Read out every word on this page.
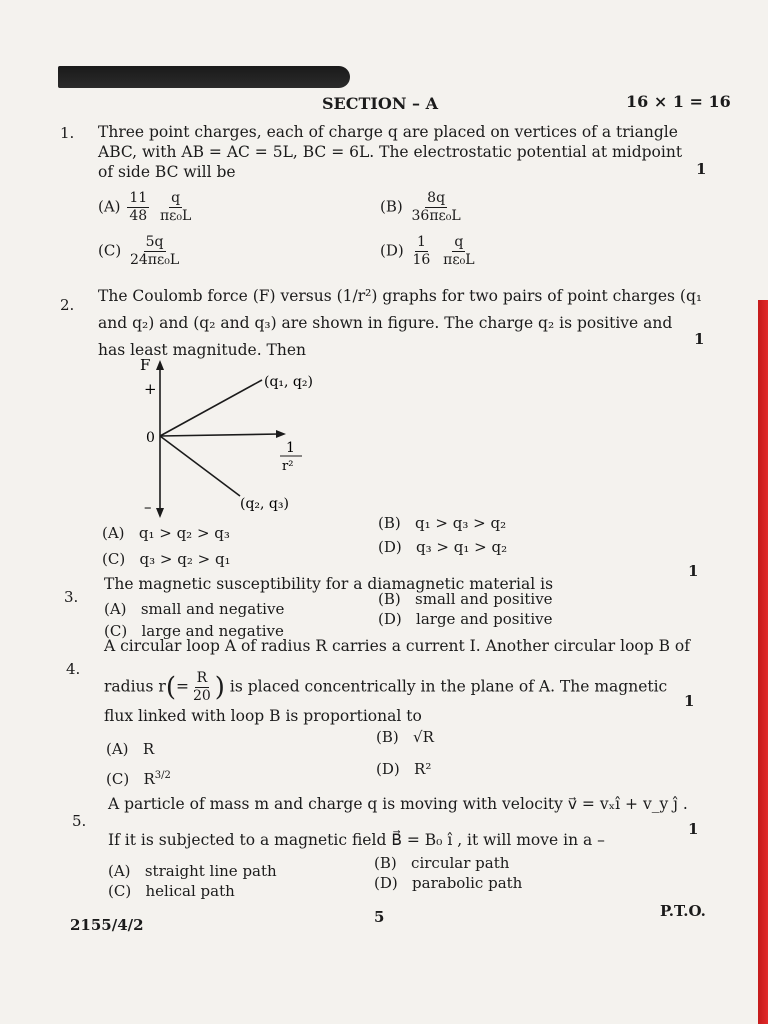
SECTION – A	16 × 1 = 16
1. Three point charges, each of charge q are placed on vertices of a triangle
ABC, with AB = AC = 5L, BC = 6L. The electrostatic potential at midpoint
of side BC will be	1
$(A) \frac{11}{48}$
$\frac{q}{\text{πε₀L}}$	$(B) \frac{8q}{\text{36πε₀L}}$
$(C) \frac{5q}{\text{24πε₀L}}$	$(D) \frac{1}{16}$
$\frac{q}{\text{πε₀L}}$
2. The Coulomb force (F) versus (1/r²) graphs for two pairs of point charges (q₁
and q₂) and (q₂ and q₃) are shown in figure. The charge q₂ is positive and
has least magnitude. Then
1
F
+
0
–
(q₁, q₂)
(q₂, q₃)
1
r²
(A) q₁ > q₂ > q₃
(B) q₁ > q₃ > q₂
(C) q₃ > q₂ > q₁
(D) q₃ > q₁ > q₂
3.
The magnetic susceptibility for a diamagnetic material is
1
(A) small and negative
(B) small and positive
(C) large and negative
(D) large and positive
4.
A circular loop A of radius R carries a current I. Another circular loop B of
radius $r(= \frac{R}{20}$ ) is placed concentrically in the plane of A. The magnetic
flux linked with loop B is proportional to
1
(A) R
(B) √R
(C) $R^{3/2}$	(D) R²
5.
A particle of mass m and charge q is moving with velocity v⃗ = vₓî + v_y ĵ .
If it is subjected to a magnetic field B⃗ = B₀ î , it will move in a –
1
(A) straight line path	(B) circular path
(C) helical path	(D) parabolic path
2155/4/2	5	P.T.O.
